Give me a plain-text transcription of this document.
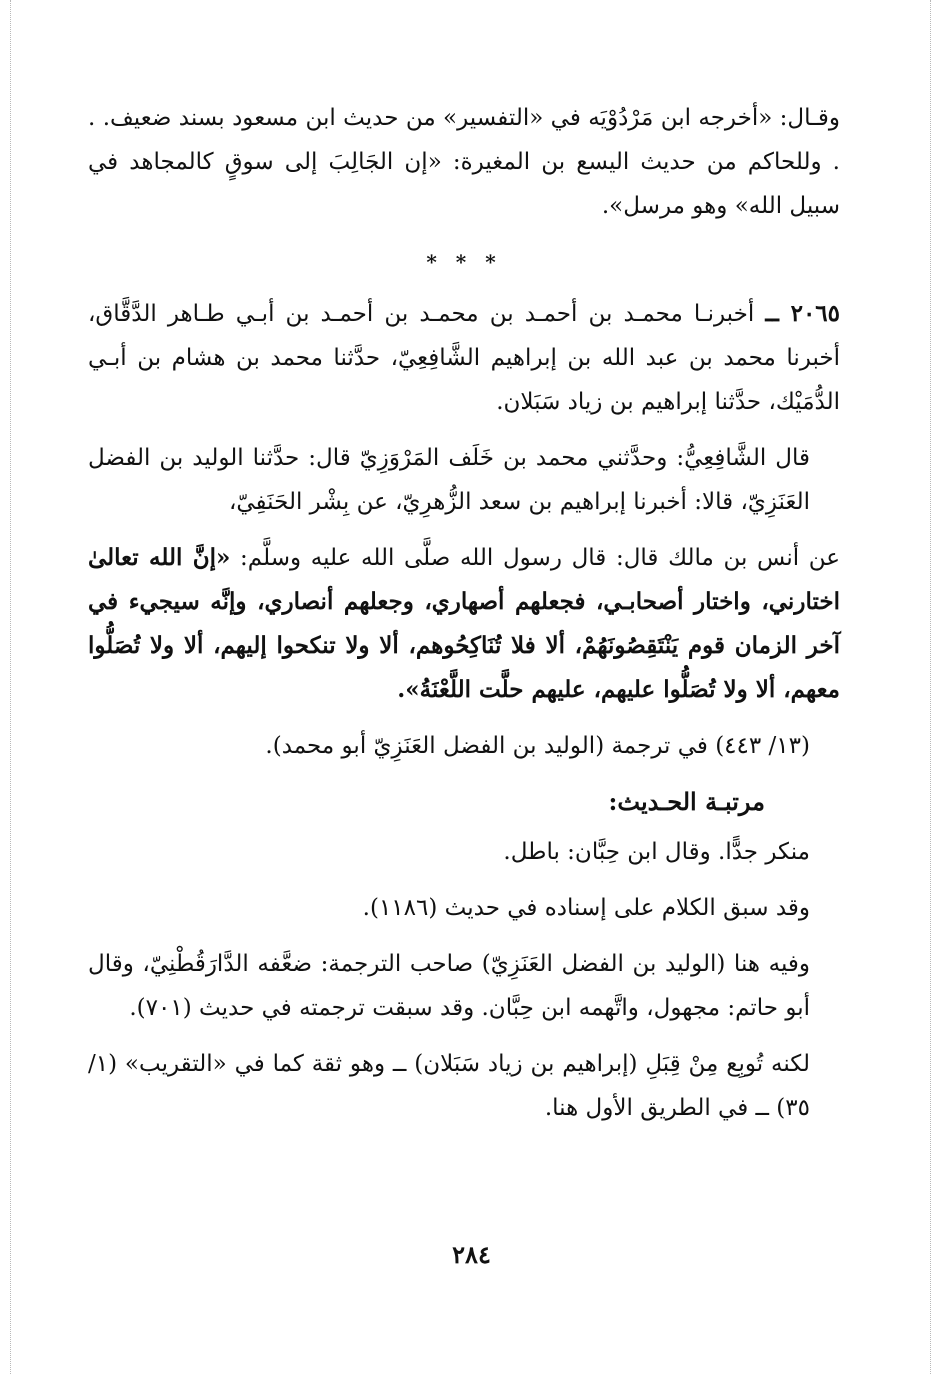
وقـال: «أخرجه ابن مَرْدُوْيَه في «التفسير» من حديث ابن مسعود بسند ضعيف. . . وللحاكم من حديث اليسع بن المغيرة: «إن الجَالِبَ إلى سوقٍ كالمجاهد في سبيل الله» وهو مرسل».

* * *

٢٠٦٥ ــ أخبرنـا محمـد بن أحمـد بن محمـد بن أحمـد بن أبـي طـاهر الدَّقَّاق، أخبرنا محمد بن عبد الله بن إبراهيم الشَّافِعِيّ، حدَّثنا محمد بن هشام بن أبـي الدُّمَيْك، حدَّثنا إبراهيم بن زياد سَبَلان.

قال الشَّافِعِيُّ: وحدَّثني محمد بن خَلَف المَرْوَزِيّ قال: حدَّثنا الوليد بن الفضل العَنَزِيّ، قالا: أخبرنا إبراهيم بن سعد الزُّهرِيّ، عن بِشْر الحَنَفِيّ،

عن أنس بن مالك قال: قال رسول الله صلَّى الله عليه وسلَّم: «إنَّ الله تعالىٰ اختارني، واختار أصحابـي، فجعلهم أصهاري، وجعلهم أنصاري، وإنَّه سيجيء في آخر الزمان قوم يَنْتَقِصُونَهُمْ، ألا فلا تُنَاكِحُوهم، ألا ولا تنكحوا إليهم، ألا ولا تُصَلُّوا معهم، ألا ولا تُصَلُّوا عليهم، عليهم حلَّت اللَّعْنَةُ».

(١٣/ ٤٤٣) في ترجمة (الوليد بن الفضل العَنَزِيّ أبو محمد).

مرتبـة الحـديث:

منكر جدًّا. وقال ابن حِبَّان: باطل.

وقد سبق الكلام على إسناده في حديث (١١٨٦).

وفيه هنا (الوليد بن الفضل العَنَزِيّ) صاحب الترجمة: ضعَّفه الدَّارَقُطْنِيّ، وقال أبو حاتم: مجهول، واتَّهمه ابن حِبَّان. وقد سبقت ترجمته في حديث (٧٠١).

لكنه تُوبِع مِنْ قِبَلِ (إبراهيم بن زياد سَبَلان) ــ وهو ثقة كما في «التقريب» (١/ ٣٥) ــ في الطريق الأول هنا.

٢٨٤
